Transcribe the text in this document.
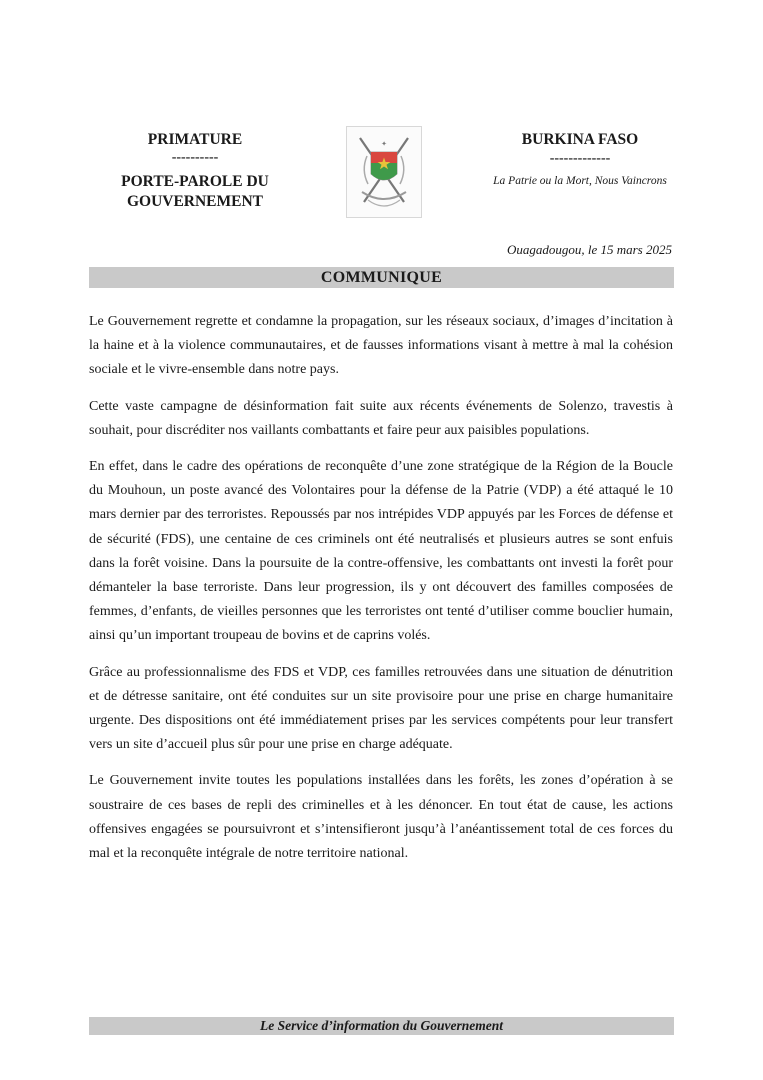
PRIMATURE
----------
PORTE-PAROLE DU
GOUVERNEMENT
✦	BURKINA FASO
-------------
La Patrie ou la Mort, Nous Vaincrons
Ouagadougou, le 15 mars 2025
COMMUNIQUE

Le Gouvernement regrette et condamne la propagation, sur les réseaux sociaux, d’images d’incitation à la haine et à la violence communautaires, et de fausses informations visant à mettre à mal la cohésion sociale et le vivre-ensemble dans notre pays.

Cette vaste campagne de désinformation fait suite aux récents événements de Solenzo, travestis à souhait, pour discréditer nos vaillants combattants et faire peur aux paisibles populations.

En effet, dans le cadre des opérations de reconquête d’une zone stratégique de la Région de la Boucle du Mouhoun, un poste avancé des Volontaires pour la défense de la Patrie (VDP) a été attaqué le 10 mars dernier par des terroristes. Repoussés par nos intrépides VDP appuyés par les Forces de défense et de sécurité (FDS), une centaine de ces criminels ont été neutralisés et plusieurs autres se sont enfuis dans la forêt voisine. Dans la poursuite de la contre-offensive, les combattants ont investi la forêt pour démanteler la base terroriste. Dans leur progression, ils y ont découvert des familles composées de femmes, d’enfants, de vieilles personnes que les terroristes ont tenté d’utiliser comme bouclier humain, ainsi qu’un important troupeau de bovins et de caprins volés.

Grâce au professionnalisme des FDS et VDP, ces familles retrouvées dans une situation de dénutrition et de détresse sanitaire, ont été conduites sur un site provisoire pour une prise en charge humanitaire urgente. Des dispositions ont été immédiatement prises par les services compétents pour leur transfert vers un site d’accueil plus sûr pour une prise en charge adéquate.

Le Gouvernement invite toutes les populations installées dans les forêts, les zones d’opération à se soustraire de ces bases de repli des criminelles et à les dénoncer. En tout état de cause, les actions offensives engagées se poursuivront et s’intensifieront jusqu’à l’anéantissement total de ces forces du mal et la reconquête intégrale de notre territoire national.

Le Service d’information du Gouvernement
